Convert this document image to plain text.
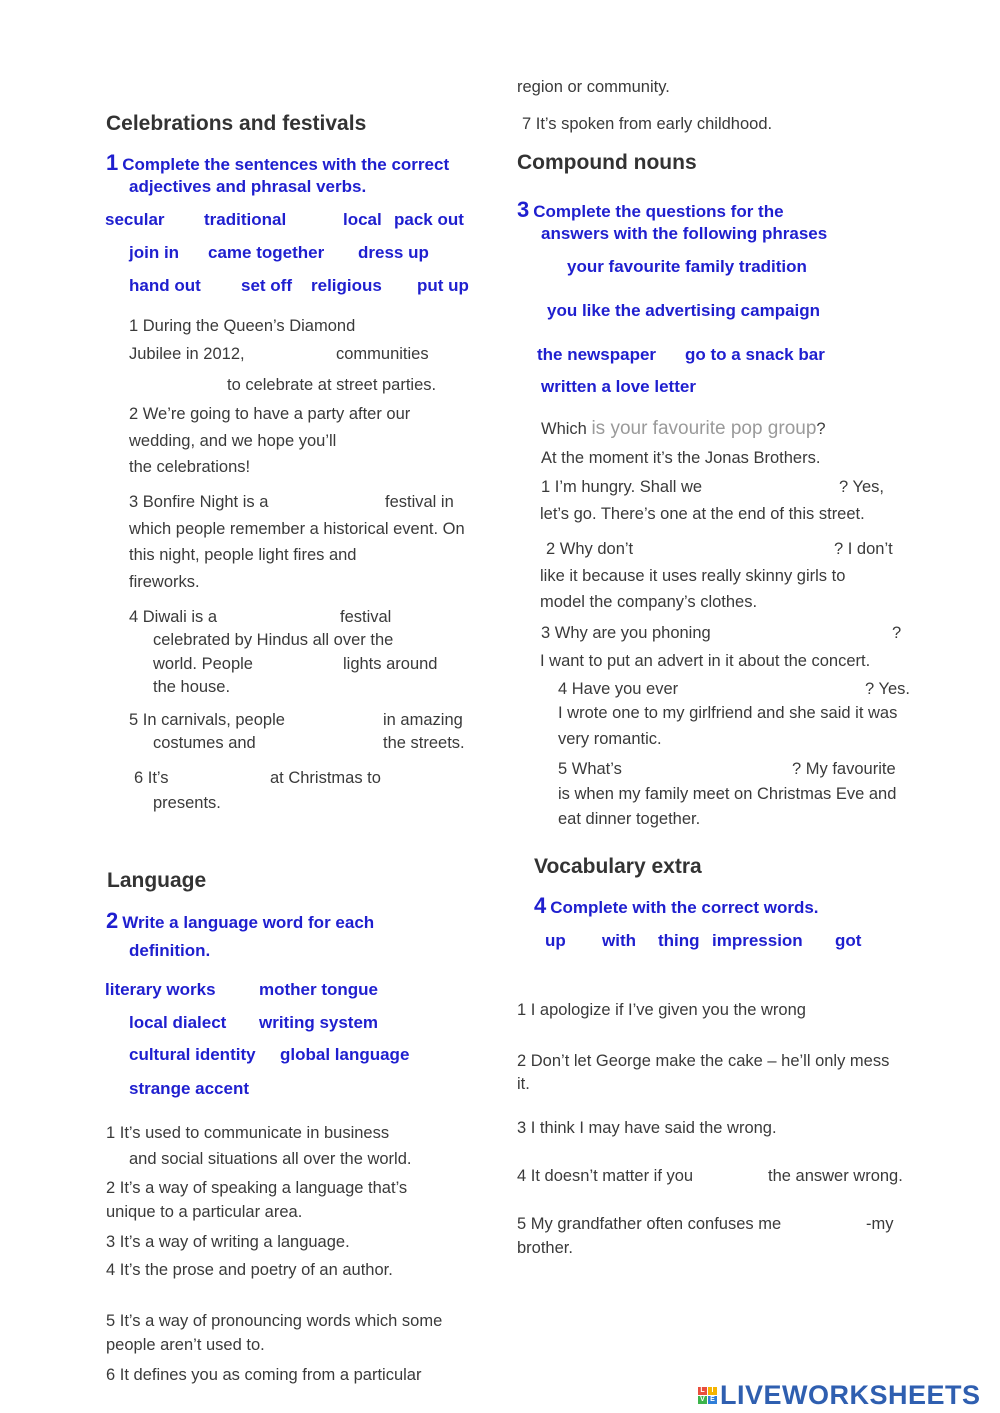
Celebrations and festivals
1 Complete the sentences with the correct
adjectives and phrasal verbs.
secular traditional	local pack out
join in came together dress up
hand out set off religious put up
1 During the Queen’s Diamond
Jubilee in 2012,	communities
to celebrate at street parties.
2 We’re going to have a party after our
wedding, and we hope you’ll
the celebrations!
3 Bonfire Night is a	festival in
which people remember a historical event. On
this night, people light fires and
fireworks.
4 Diwali is a	festival
celebrated by Hindus all over the
world. People	lights around
the house.
5 In carnivals, people	in amazing
costumes and	the streets.
6 It’s	at Christmas to
presents.
Language
2 Write a language word for each
definition.
literary works	mother tongue
local dialect writing system
cultural identity global language
strange accent
1 It’s used to communicate in business
and social situations all over the world.
2 It’s a way of speaking a language that’s
unique to a particular area.
3 It’s a way of writing a language.
4 It’s the prose and poetry of an author.
5 It’s a way of pronouncing words which some
people aren’t used to.
6 It defines you as coming from a particular
region or community.
7 It’s spoken from early childhood.
Compound nouns
3 Complete the questions for the
answers with the following phrases
your favourite family tradition
you like the advertising campaign
the newspaper go to a snack bar
written a love letter
Which is your favourite pop group?
At the moment it’s the Jonas Brothers.
1 I’m hungry. Shall we	? Yes,
let’s go. There’s one at the end of this street.
2 Why don’t	? I don’t
like it because it uses really skinny girls to
model the company’s clothes.
3 Why are you phoning	?
I want to put an advert in it about the concert.
4 Have you ever	? Yes.
I wrote one to my girlfriend and she said it was
very romantic.
5 What’s	? My favourite
is when my family meet on Christmas Eve and
eat dinner together.
Vocabulary extra
4 Complete with the correct words.
up with thing impression got
1 I apologize if I’ve given you the wrong
2 Don’t let George make the cake – he’ll only mess
it.
3 I think I may have said the wrong.
4 It doesn’t matter if you	the answer wrong.
5 My grandfather often confuses me	-my
brother.
L I
V E LIVEWORKSHEETS
